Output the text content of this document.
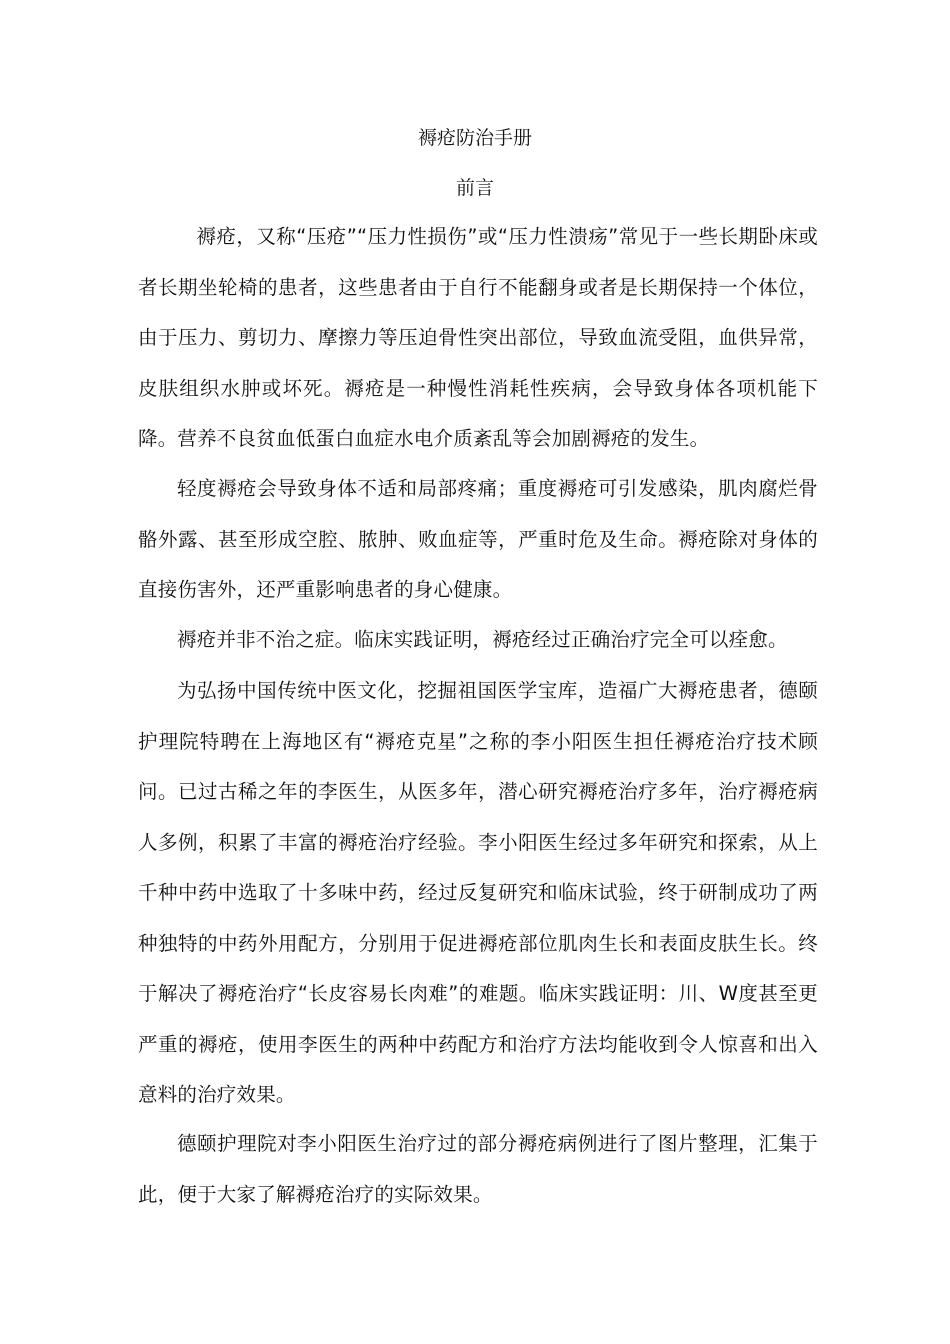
褥疮防治手册
前言

褥疮，又称“压疮”“压力性损伤”或“压力性溃疡”常见于一些长期卧床或者长期坐轮椅的患者，这些患者由于自行不能翻身或者是长期保持一个体位，由于压力、剪切力、摩擦力等压迫骨性突出部位，导致血流受阻，血供异常，皮肤组织水肿或坏死。褥疮是一种慢性消耗性疾病，会导致身体各项机能下降。营养不良贫血低蛋白血症水电介质紊乱等会加剧褥疮的发生。

轻度褥疮会导致身体不适和局部疼痛；重度褥疮可引发感染，肌肉腐烂骨骼外露、甚至形成空腔、脓肿、败血症等，严重时危及生命。褥疮除对身体的直接伤害外，还严重影响患者的身心健康。

褥疮并非不治之症。临床实践证明，褥疮经过正确治疗完全可以痊愈。

为弘扬中国传统中医文化，挖掘祖国医学宝库，造福广大褥疮患者，德颐护理院特聘在上海地区有“褥疮克星”之称的李小阳医生担任褥疮治疗技术顾问。已过古稀之年的李医生，从医多年，潜心研究褥疮治疗多年，治疗褥疮病人多例，积累了丰富的褥疮治疗经验。李小阳医生经过多年研究和探索，从上千种中药中选取了十多味中药，经过反复研究和临床试验，终于研制成功了两种独特的中药外用配方，分别用于促进褥疮部位肌肉生长和表面皮肤生长。终于解决了褥疮治疗“长皮容易长肉难”的难题。临床实践证明：川、W度甚至更严重的褥疮，使用李医生的两种中药配方和治疗方法均能收到令人惊喜和出入意料的治疗效果。

德颐护理院对李小阳医生治疗过的部分褥疮病例进行了图片整理，汇集于此，便于大家了解褥疮治疗的实际效果。
